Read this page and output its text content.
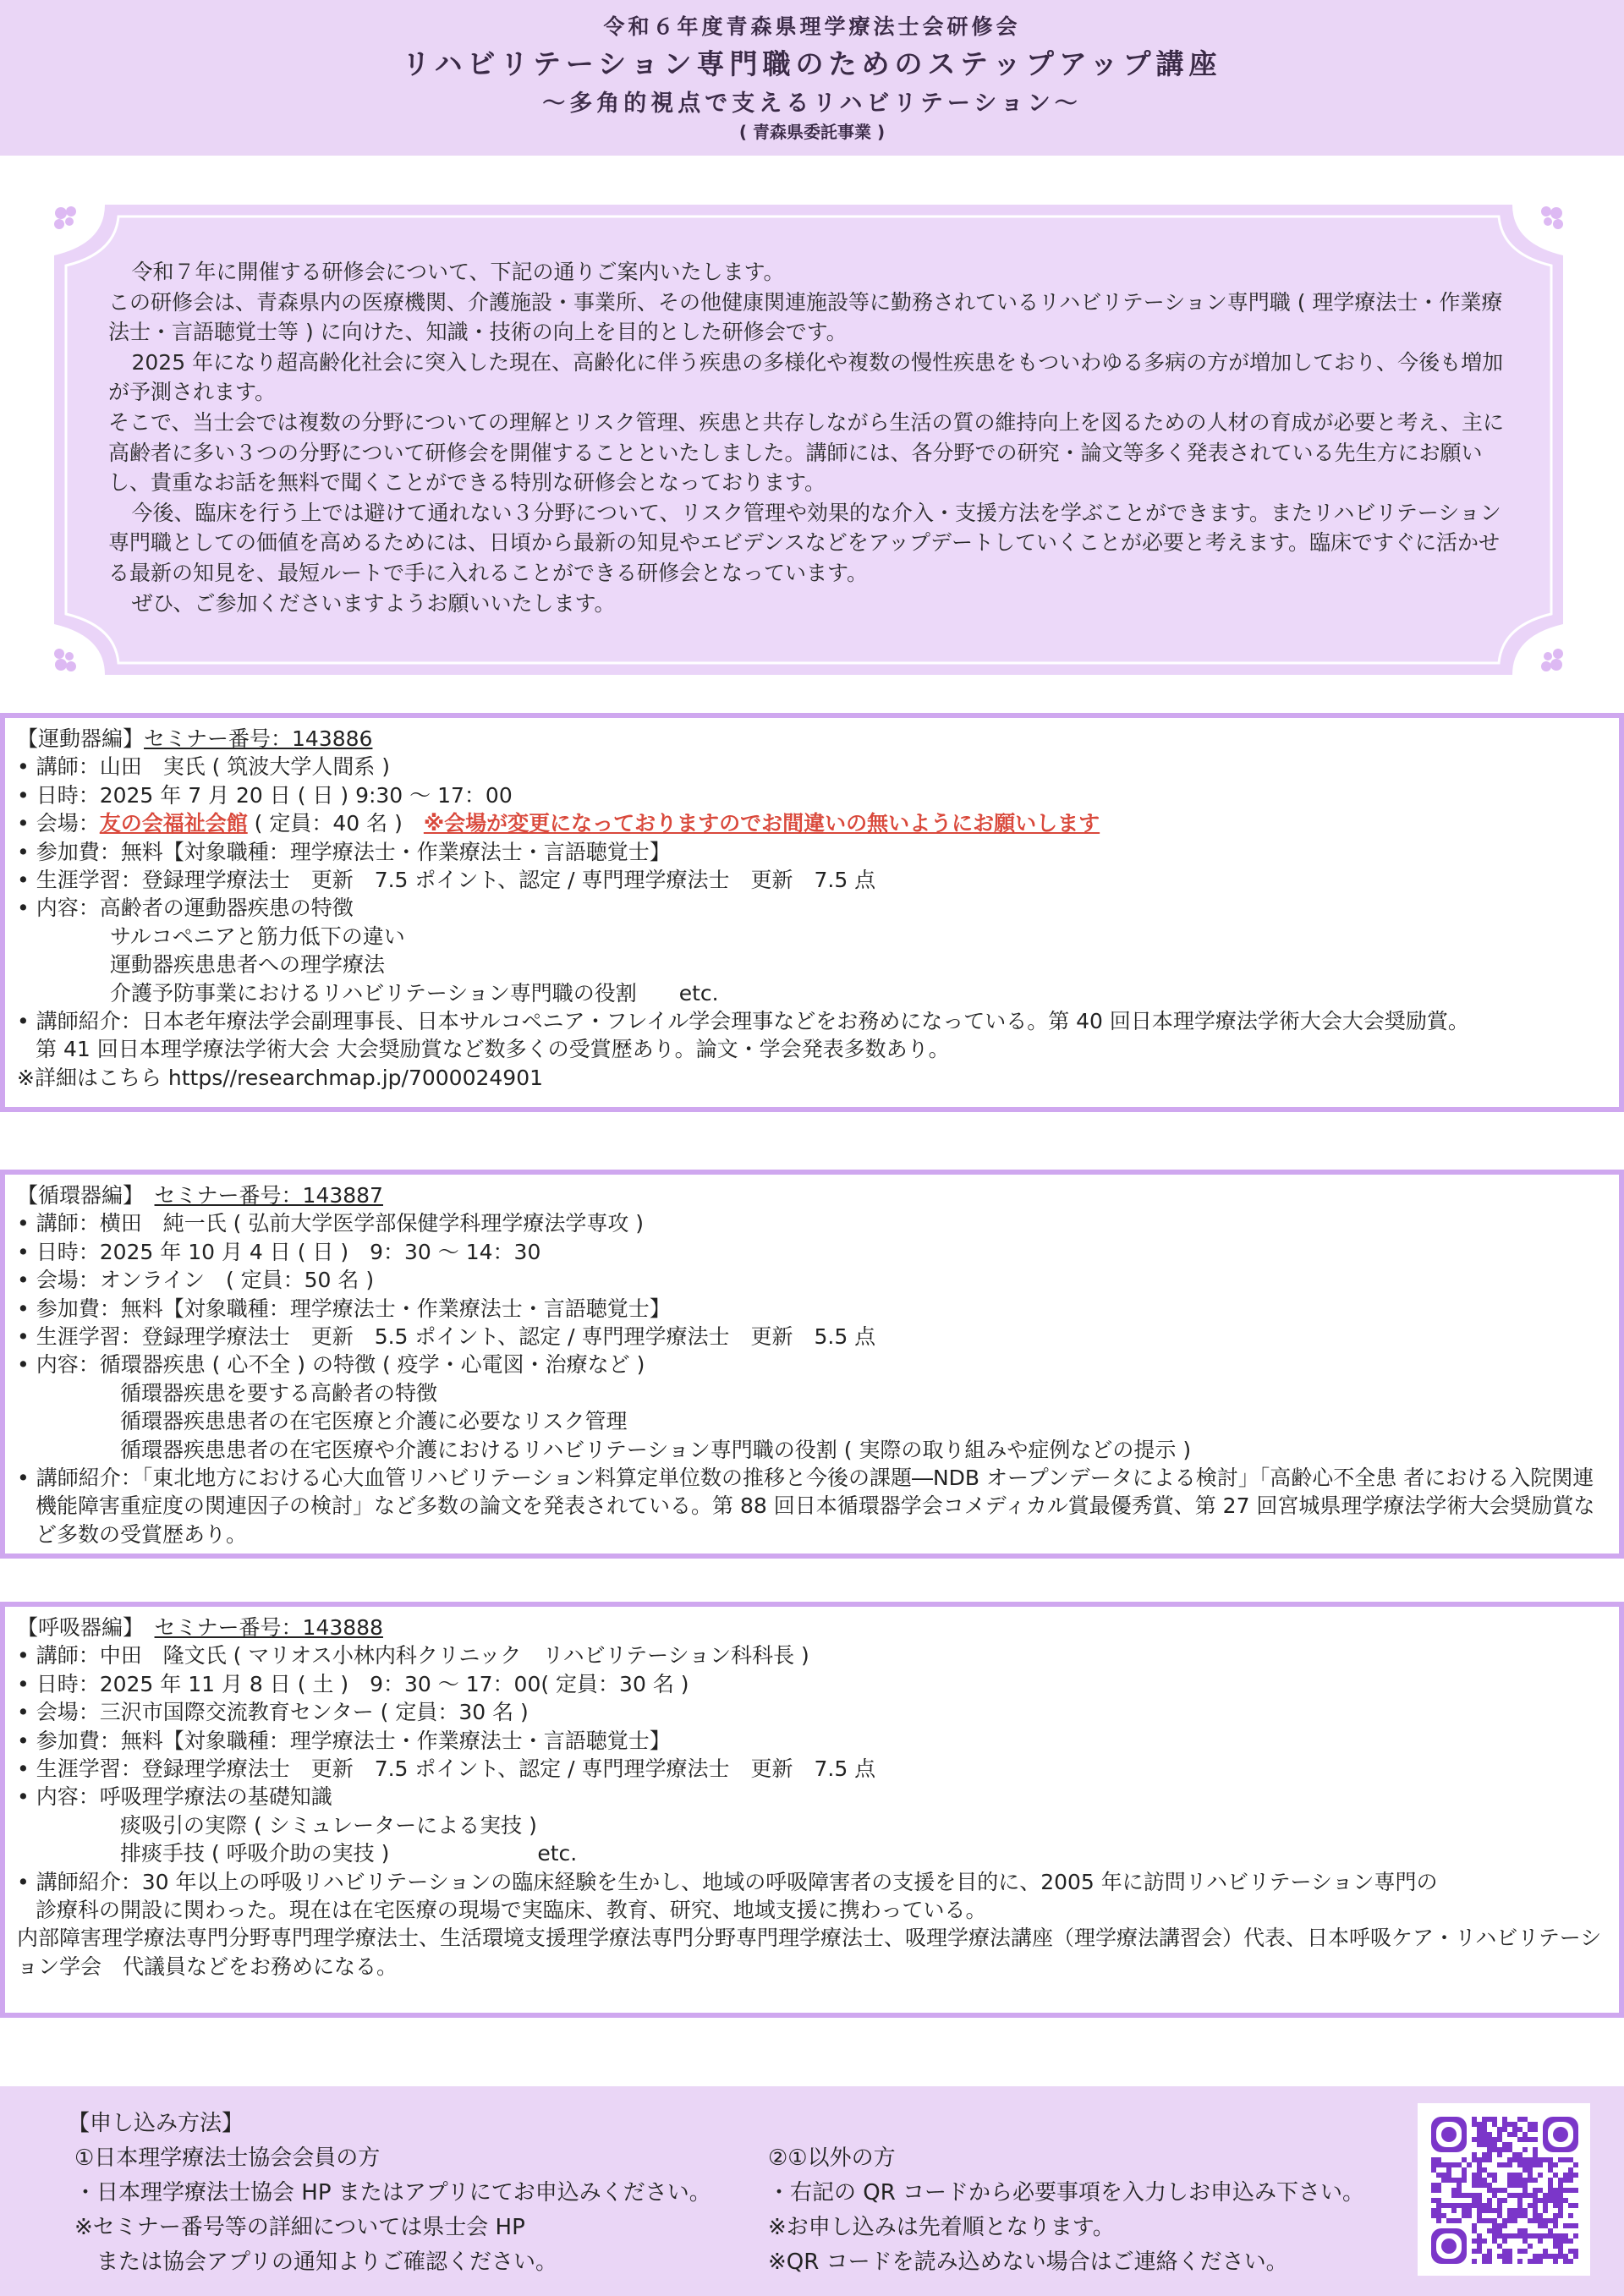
令和６年度青森県理学療法士会研修会
リハビリテーション専門職のためのステップアップ講座
〜多角的視点で支えるリハビリテーション〜
( 青森県委託事業 )

令和７年に開催する研修会について、下記の通りご案内いたします。

この研修会は、青森県内の医療機関、介護施設・事業所、その他健康関連施設等に勤務されているリハビリテーション専門職 ( 理学療法士・作業療法士・言語聴覚士等 ) に向けた、知識・技術の向上を目的とした研修会です。

2025 年になり超高齢化社会に突入した現在、高齢化に伴う疾患の多様化や複数の慢性疾患をもついわゆる多病の方が増加しており、今後も増加が予測されます。

そこで、当士会では複数の分野についての理解とリスク管理、疾患と共存しながら生活の質の維持向上を図るための人材の育成が必要と考え、主に高齢者に多い３つの分野について研修会を開催することといたしました。講師には、各分野での研究・論文等多く発表されている先生方にお願いし、貴重なお話を無料で聞くことができる特別な研修会となっております。

今後、臨床を行う上では避けて通れない３分野について、リスク管理や効果的な介入・支援方法を学ぶことができます。またリハビリテーション専門職としての価値を高めるためには、日頃から最新の知見やエビデンスなどをアップデートしていくことが必要と考えます。臨床ですぐに活かせる最新の知見を、最短ルートで手に入れることができる研修会となっています。

ぜひ、ご参加くださいますようお願いいたします。

【運動器編】セミナー番号：143886
• 講師：山田　実氏 ( 筑波大学人間系 )
• 日時：2025 年 7 月 20 日 ( 日 ) 9:30 〜 17：00
• 会場：友の会福祉会館 ( 定員：40 名 )　※会場が変更になっておりますのでお間違いの無いようにお願いします
• 参加費：無料【対象職種：理学療法士・作業療法士・言語聴覚士】
• 生涯学習：登録理学療法士　更新　7.5 ポイント、認定 / 専門理学療法士　更新　7.5 点
• 内容：高齢者の運動器疾患の特徴
サルコペニアと筋力低下の違い
運動器疾患患者への理学療法
介護予防事業におけるリハビリテーション専門職の役割　　etc.
• 講師紹介：日本老年療法学会副理事長、日本サルコペニア・フレイル学会理事などをお務めになっている。第 40 回日本理学療法学術大会大会奨励賞。
第 41 回日本理学療法学術大会 大会奨励賞など数多くの受賞歴あり。論文・学会発表多数あり。
※詳細はこちら https//researchmap.jp/7000024901
【循環器編】　 セミナー番号：143887
• 講師：横田　純一氏 ( 弘前大学医学部保健学科理学療法学専攻 )
• 日時：2025 年 10 月 4 日 ( 日 )　9：30 〜 14：30
• 会場：オンライン　( 定員：50 名 )
• 参加費：無料【対象職種：理学療法士・作業療法士・言語聴覚士】
• 生涯学習：登録理学療法士　更新　5.5 ポイント、認定 / 専門理学療法士　更新　5.5 点
• 内容：循環器疾患 ( 心不全 ) の特徴 ( 疫学・心電図・治療など )
循環器疾患を要する高齢者の特徴
循環器疾患患者の在宅医療と介護に必要なリスク管理
循環器疾患患者の在宅医療や介護におけるリハビリテーション専門職の役割 ( 実際の取り組みや症例などの提示 )
• 講師紹介：「東北地方における心大血管リハビリテーション料算定単位数の推移と今後の課題―NDB オープンデータによる検討」「高齢心不全患 者における入院関連機能障害重症度の関連因子の検討」など多数の論文を発表されている。第 88 回日本循環器学会コメディカル賞最優秀賞、第 27 回宮城県理学療法学術大会奨励賞など多数の受賞歴あり。
【呼吸器編】　 セミナー番号：143888
• 講師：中田　隆文氏 ( マリオス小林内科クリニック　リハビリテーション科科長 )
• 日時：2025 年 11 月 8 日 ( 土 )　9：30 〜 17：00( 定員：30 名 )
• 会場：三沢市国際交流教育センター ( 定員：30 名 )
• 参加費：無料【対象職種：理学療法士・作業療法士・言語聴覚士】
• 生涯学習：登録理学療法士　更新　7.5 ポイント、認定 / 専門理学療法士　更新　7.5 点
• 内容：呼吸理学療法の基礎知識
痰吸引の実際 ( シミュレーターによる実技 )
排痰手技 ( 呼吸介助の実技 )　　　　　　　etc.
• 講師紹介：30 年以上の呼吸リハビリテーションの臨床経験を生かし、地域の呼吸障害者の支援を目的に、2005 年に訪問リハビリテーション専門の
診療科の開設に関わった。現在は在宅医療の現場で実臨床、教育、研究、地域支援に携わっている。
内部障害理学療法専門分野専門理学療法士、生活環境支援理学療法専門分野専門理学療法士、吸理学療法講座（理学療法講習会）代表、日本呼吸ケア・リハビリテーション学会　代議員などをお務めになる。
【申し込み方法】
①日本理学療法士協会会員の方
・日本理学療法士協会 HP またはアプリにてお申込みください。
※セミナー番号等の詳細については県士会 HP
　または協会アプリの通知よりご確認ください。
②①以外の方
・右記の QR コードから必要事項を入力しお申込み下さい。
※お申し込みは先着順となります。
※QR コードを読み込めない場合はご連絡ください。
